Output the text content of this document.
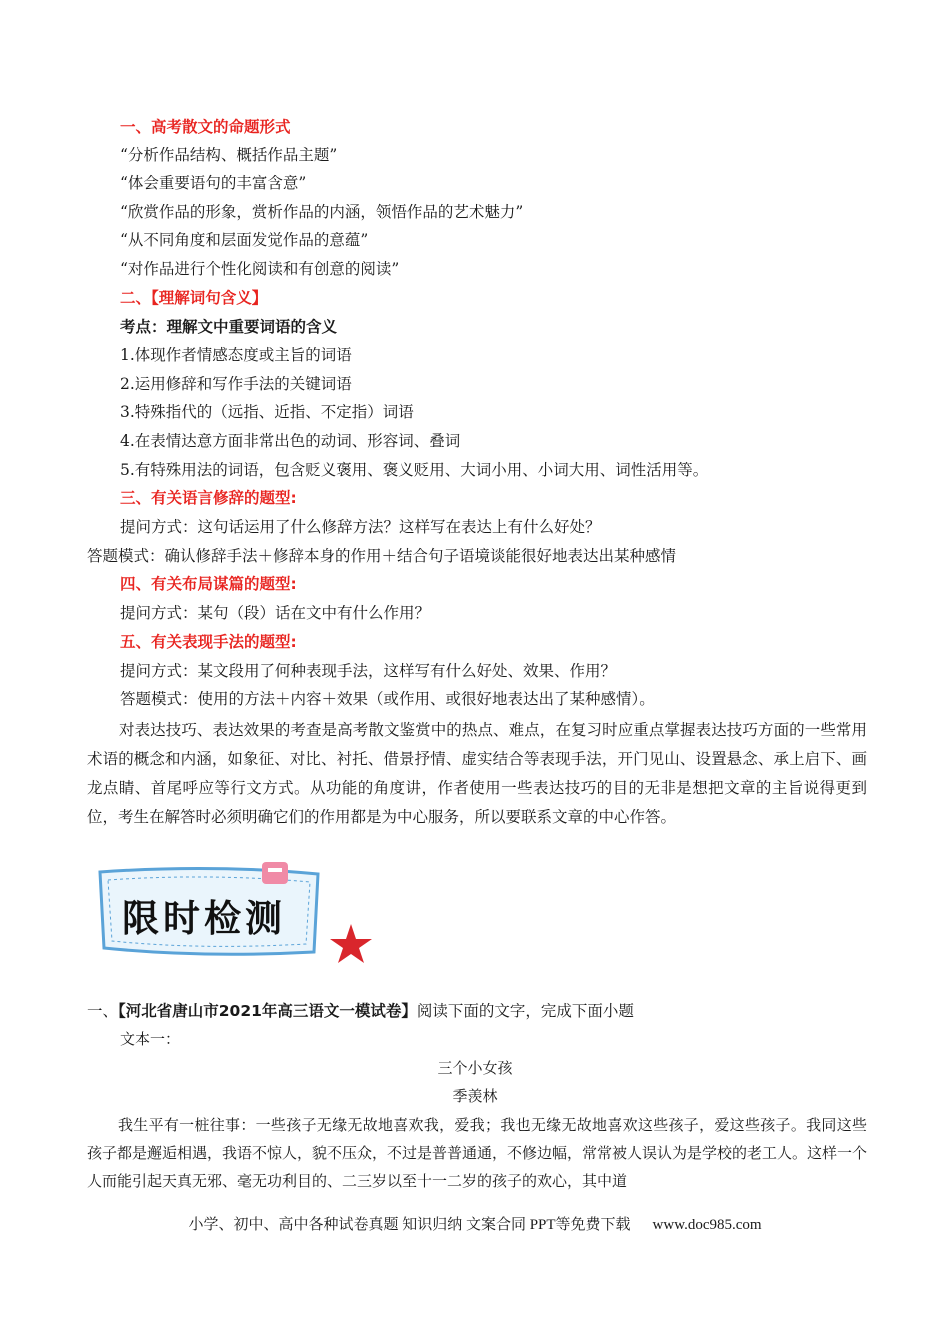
一、高考散文的命题形式
“分析作品结构、概括作品主题”
“体会重要语句的丰富含意”
“欣赏作品的形象，赏析作品的内涵，领悟作品的艺术魅力”
“从不同角度和层面发觉作品的意蕴”
“对作品进行个性化阅读和有创意的阅读”
二、【理解词句含义】
考点：理解文中重要词语的含义
1.体现作者情感态度或主旨的词语
2.运用修辞和写作手法的关键词语
3.特殊指代的（远指、近指、不定指）词语
4.在表情达意方面非常出色的动词、形容词、叠词
5.有特殊用法的词语，包含贬义褒用、褒义贬用、大词小用、小词大用、词性活用等。
三、有关语言修辞的题型:
提问方式：这句话运用了什么修辞方法？这样写在表达上有什么好处？
答题模式：确认修辞手法＋修辞本身的作用＋结合句子语境谈能很好地表达出某种感情
四、有关布局谋篇的题型:
提问方式：某句（段）话在文中有什么作用？
五、有关表现手法的题型:
提问方式：某文段用了何种表现手法，这样写有什么好处、效果、作用？
答题模式：使用的方法＋内容＋效果（或作用、或很好地表达出了某种感情）。
对表达技巧、表达效果的考查是高考散文鉴赏中的热点、难点，在复习时应重点掌握表达技巧方面的一些常用术语的概念和内涵，如象征、对比、衬托、借景抒情、虚实结合等表现手法，开门见山、设置悬念、承上启下、画龙点睛、首尾呼应等行文方式。从功能的角度讲，作者使用一些表达技巧的目的无非是想把文章的主旨说得更到位，考生在解答时必须明确它们的作用都是为中心服务，所以要联系文章的中心作答。
限时检测
一、【河北省唐山市2021年高三语文一模试卷】阅读下面的文字，完成下面小题
文本一：
三个小女孩
季羡林
我生平有一桩往事：一些孩子无缘无故地喜欢我，爱我；我也无缘无故地喜欢这些孩子，爱这些孩子。我同这些孩子都是邂逅相遇，我语不惊人，貌不压众，不过是普普通通，不修边幅，常常被人误认为是学校的老工人。这样一个人而能引起天真无邪、毫无功利目的、二三岁以至十一二岁的孩子的欢心，其中道
小学、初中、高中各种试卷真题 知识归纳 文案合同 PPT等免费下载 www.doc985.com
